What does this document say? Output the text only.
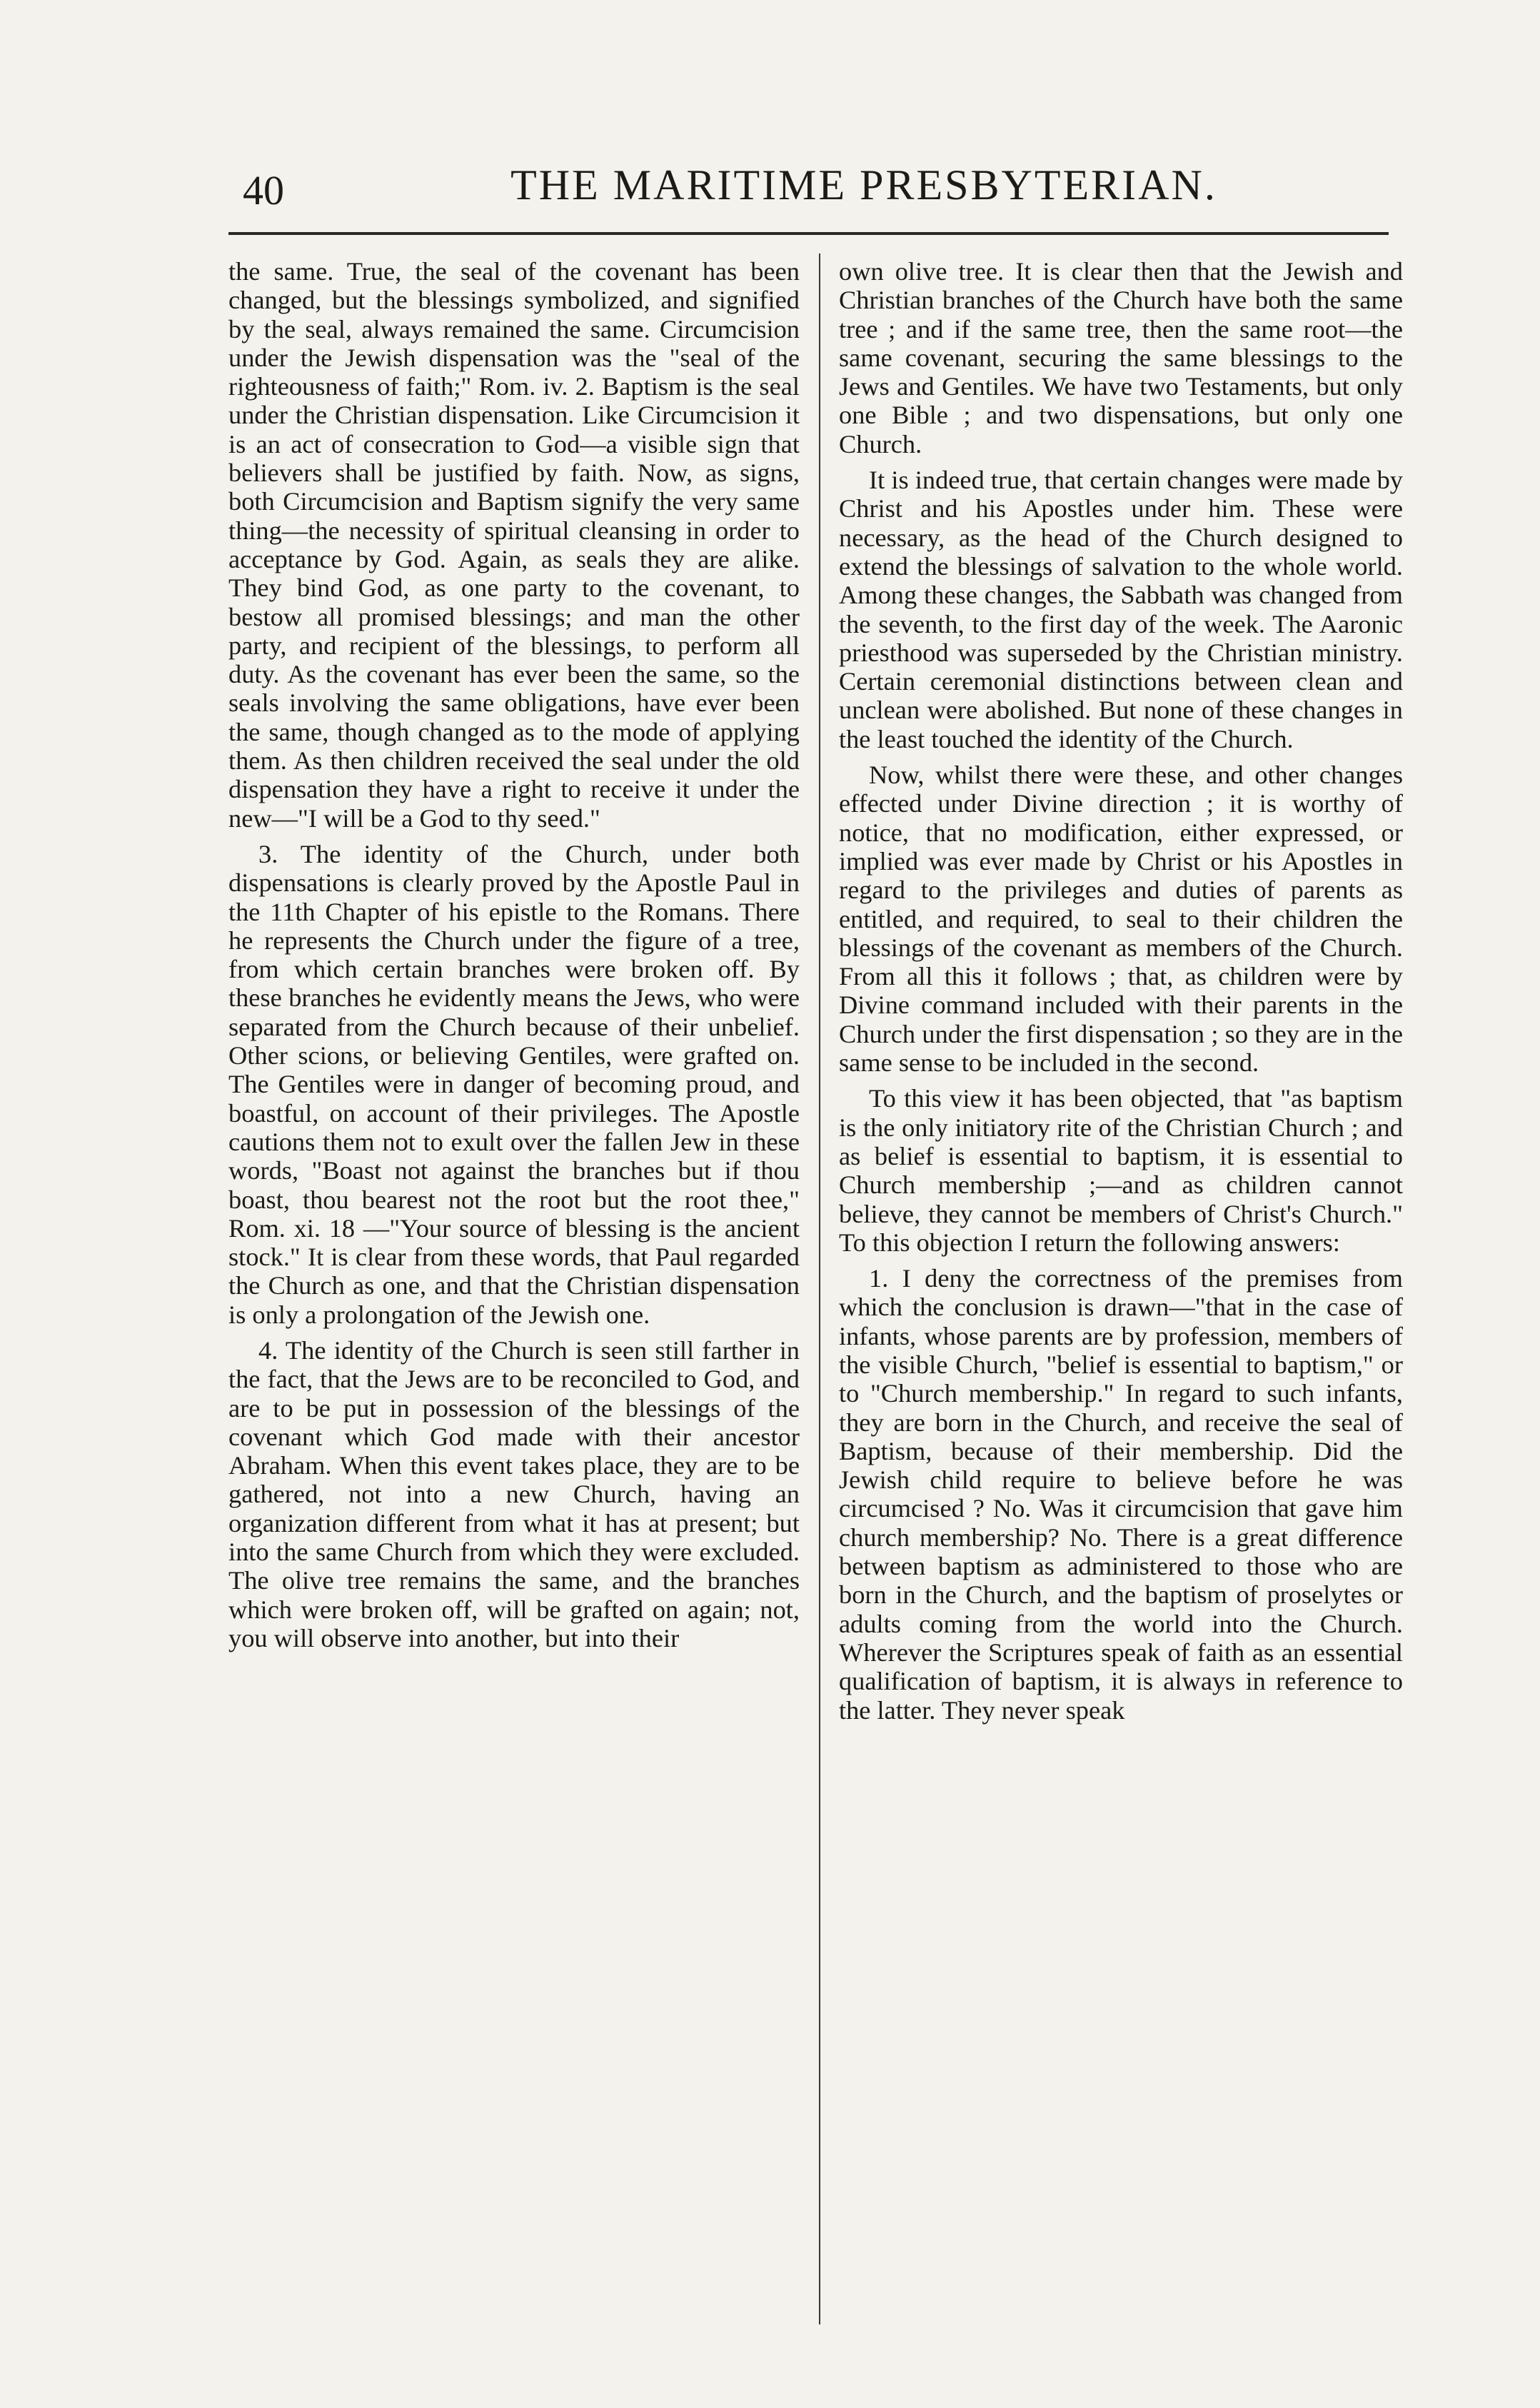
40	THE MARITIME PRESBYTERIAN.

the same. True, the seal of the covenant has been changed, but the blessings symbolized, and signified by the seal, always remained the same. Circumcision under the Jewish dispensation was the "seal of the righteousness of faith;" Rom. iv. 2. Baptism is the seal under the Christian dispensation. Like Circumcision it is an act of consecration to God—a visible sign that believers shall be justified by faith. Now, as signs, both Circumcision and Baptism signify the very same thing—the necessity of spiritual cleansing in order to acceptance by God. Again, as seals they are alike. They bind God, as one party to the covenant, to bestow all promised blessings; and man the other party, and recipient of the blessings, to perform all duty. As the covenant has ever been the same, so the seals involving the same obligations, have ever been the same, though changed as to the mode of applying them. As then children received the seal under the old dispensation they have a right to receive it under the new—"I will be a God to thy seed."

3. The identity of the Church, under both dispensations is clearly proved by the Apostle Paul in the 11th Chapter of his epistle to the Romans. There he represents the Church under the figure of a tree, from which certain branches were broken off. By these branches he evidently means the Jews, who were separated from the Church because of their unbelief. Other scions, or believing Gentiles, were grafted on. The Gentiles were in danger of becoming proud, and boastful, on account of their privileges. The Apostle cautions them not to exult over the fallen Jew in these words, "Boast not against the branches but if thou boast, thou bearest not the root but the root thee," Rom. xi. 18 —"Your source of blessing is the ancient stock." It is clear from these words, that Paul regarded the Church as one, and that the Christian dispensation is only a prolongation of the Jewish one.

4. The identity of the Church is seen still farther in the fact, that the Jews are to be reconciled to God, and are to be put in possession of the blessings of the covenant which God made with their ancestor Abraham. When this event takes place, they are to be gathered, not into a new Church, having an organization different from what it has at present; but into the same Church from which they were excluded. The olive tree remains the same, and the branches which were broken off, will be grafted on again; not, you will observe into another, but into their

own olive tree. It is clear then that the Jewish and Christian branches of the Church have both the same tree ; and if the same tree, then the same root—the same covenant, securing the same blessings to the Jews and Gentiles. We have two Testaments, but only one Bible ; and two dispensations, but only one Church.

It is indeed true, that certain changes were made by Christ and his Apostles under him. These were necessary, as the head of the Church designed to extend the blessings of salvation to the whole world. Among these changes, the Sabbath was changed from the seventh, to the first day of the week. The Aaronic priesthood was superseded by the Christian ministry. Certain ceremonial distinctions between clean and unclean were abolished. But none of these changes in the least touched the identity of the Church.

Now, whilst there were these, and other changes effected under Divine direction ; it is worthy of notice, that no modification, either expressed, or implied was ever made by Christ or his Apostles in regard to the privileges and duties of parents as entitled, and required, to seal to their children the blessings of the covenant as members of the Church. From all this it follows ; that, as children were by Divine command included with their parents in the Church under the first dispensation ; so they are in the same sense to be included in the second.

To this view it has been objected, that "as baptism is the only initiatory rite of the Christian Church ; and as belief is essential to baptism, it is essential to Church membership ;—and as children cannot believe, they cannot be members of Christ's Church." To this objection I return the following answers:

1. I deny the correctness of the premises from which the conclusion is drawn—"that in the case of infants, whose parents are by profession, members of the visible Church, "belief is essential to baptism," or to "Church membership." In regard to such infants, they are born in the Church, and receive the seal of Baptism, because of their membership. Did the Jewish child require to believe before he was circumcised ? No. Was it circumcision that gave him church membership? No. There is a great difference between baptism as administered to those who are born in the Church, and the baptism of proselytes or adults coming from the world into the Church. Wherever the Scriptures speak of faith as an essential qualification of baptism, it is always in reference to the latter. They never speak
